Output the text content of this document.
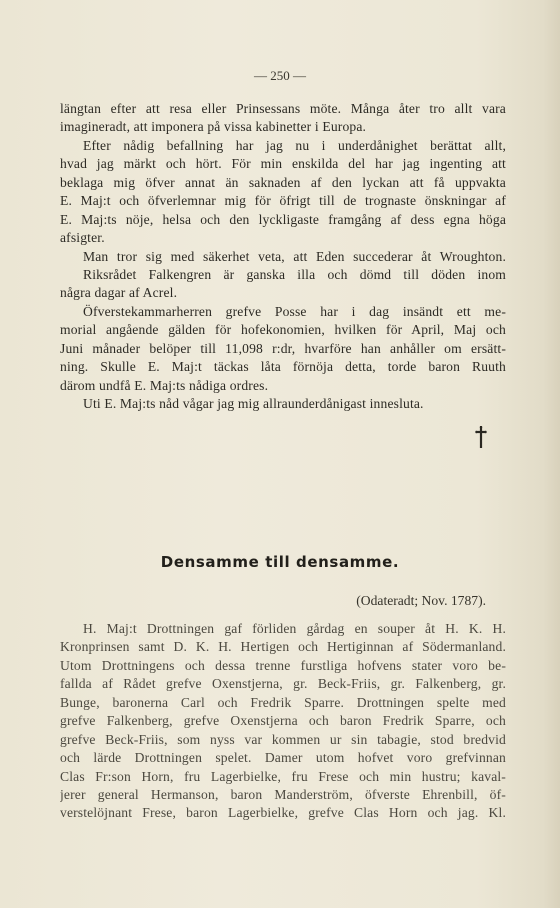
— 250 —
längtan efter att resa eller Prinsessans möte. Många åter tro allt vara
imagineradt, att imponera på vissa kabinetter i Europa.
Efter nådig befallning har jag nu i underdånighet berättat allt,
hvad jag märkt och hört. För min enskilda del har jag ingenting att
beklaga mig öfver annat än saknaden af den lyckan att få uppvakta
E. Maj:t och öfverlemnar mig för öfrigt till de trognaste önskningar af
E. Maj:ts nöje, helsa och den lyckligaste framgång af dess egna höga
afsigter.
Man tror sig med säkerhet veta, att Eden succederar åt Wroughton.
Riksrådet Falkengren är ganska illa och dömd till döden inom
några dagar af Acrel.
Öfverstekammarherren grefve Posse har i dag insändt ett me-
morial angående gälden för hofekonomien, hvilken för April, Maj och
Juni månader belöper till 11,098 r:dr, hvarföre han anhåller om ersätt-
ning. Skulle E. Maj:t täckas låta förnöja detta, torde baron Ruuth
därom undfå E. Maj:ts nådiga ordres.
Uti E. Maj:ts nåd vågar jag mig allraunderdånigast innesluta.
Densamme till densamme.
(Odateradt; Nov. 1787).
H. Maj:t Drottningen gaf förliden gårdag en souper åt H. K. H.
Kronprinsen samt D. K. H. Hertigen och Hertiginnan af Södermanland.
Utom Drottningens och dessa trenne furstliga hofvens stater voro be-
fallda af Rådet grefve Oxenstjerna, gr. Beck-Friis, gr. Falkenberg, gr.
Bunge, baronerna Carl och Fredrik Sparre. Drottningen spelte med
grefve Falkenberg, grefve Oxenstjerna och baron Fredrik Sparre, och
grefve Beck-Friis, som nyss var kommen ur sin tabagie, stod bredvid
och lärde Drottningen spelet. Damer utom hofvet voro grefvinnan
Clas Fr:son Horn, fru Lagerbielke, fru Frese och min hustru; kaval-
jerer general Hermanson, baron Manderström, öfverste Ehrenbill, öf-
verstelöjnant Frese, baron Lagerbielke, grefve Clas Horn och jag. Kl.
